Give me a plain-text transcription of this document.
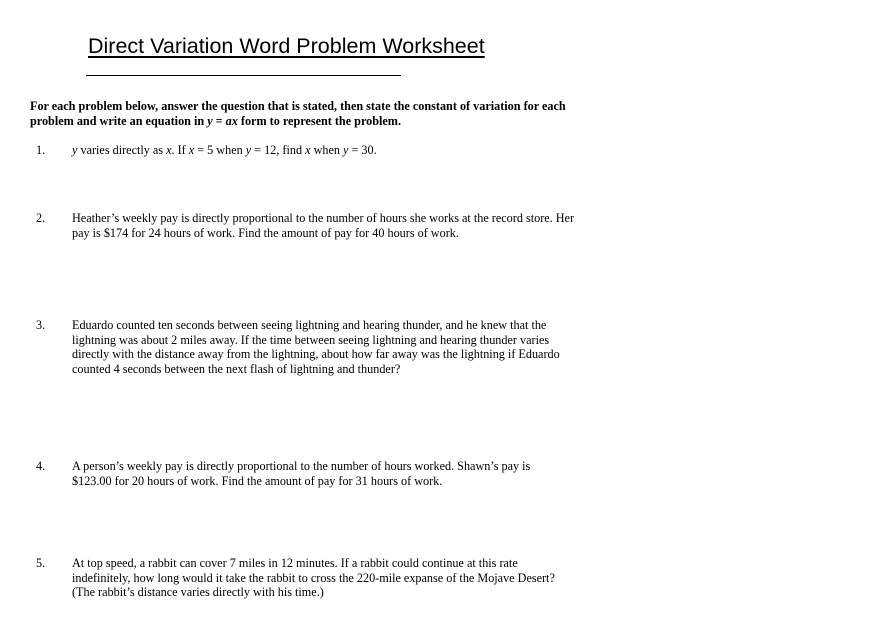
Direct Variation Word Problem Worksheet
For each problem below, answer the question that is stated, then state the constant of variation for each
problem and write an equation in y = ax form to represent the problem.
1. y varies directly as x. If x = 5 when y = 12, find x when y = 30.
2. Heather’s weekly pay is directly proportional to the number of hours she works at the record store. Her
pay is $174 for 24 hours of work. Find the amount of pay for 40 hours of work.
3. Eduardo counted ten seconds between seeing lightning and hearing thunder, and he knew that the
lightning was about 2 miles away. If the time between seeing lightning and hearing thunder varies
directly with the distance away from the lightning, about how far away was the lightning if Eduardo
counted 4 seconds between the next flash of lightning and thunder?
4. A person’s weekly pay is directly proportional to the number of hours worked. Shawn’s pay is
$123.00 for 20 hours of work. Find the amount of pay for 31 hours of work.
5. At top speed, a rabbit can cover 7 miles in 12 minutes. If a rabbit could continue at this rate
indefinitely, how long would it take the rabbit to cross the 220-mile expanse of the Mojave Desert?
(The rabbit’s distance varies directly with his time.)
